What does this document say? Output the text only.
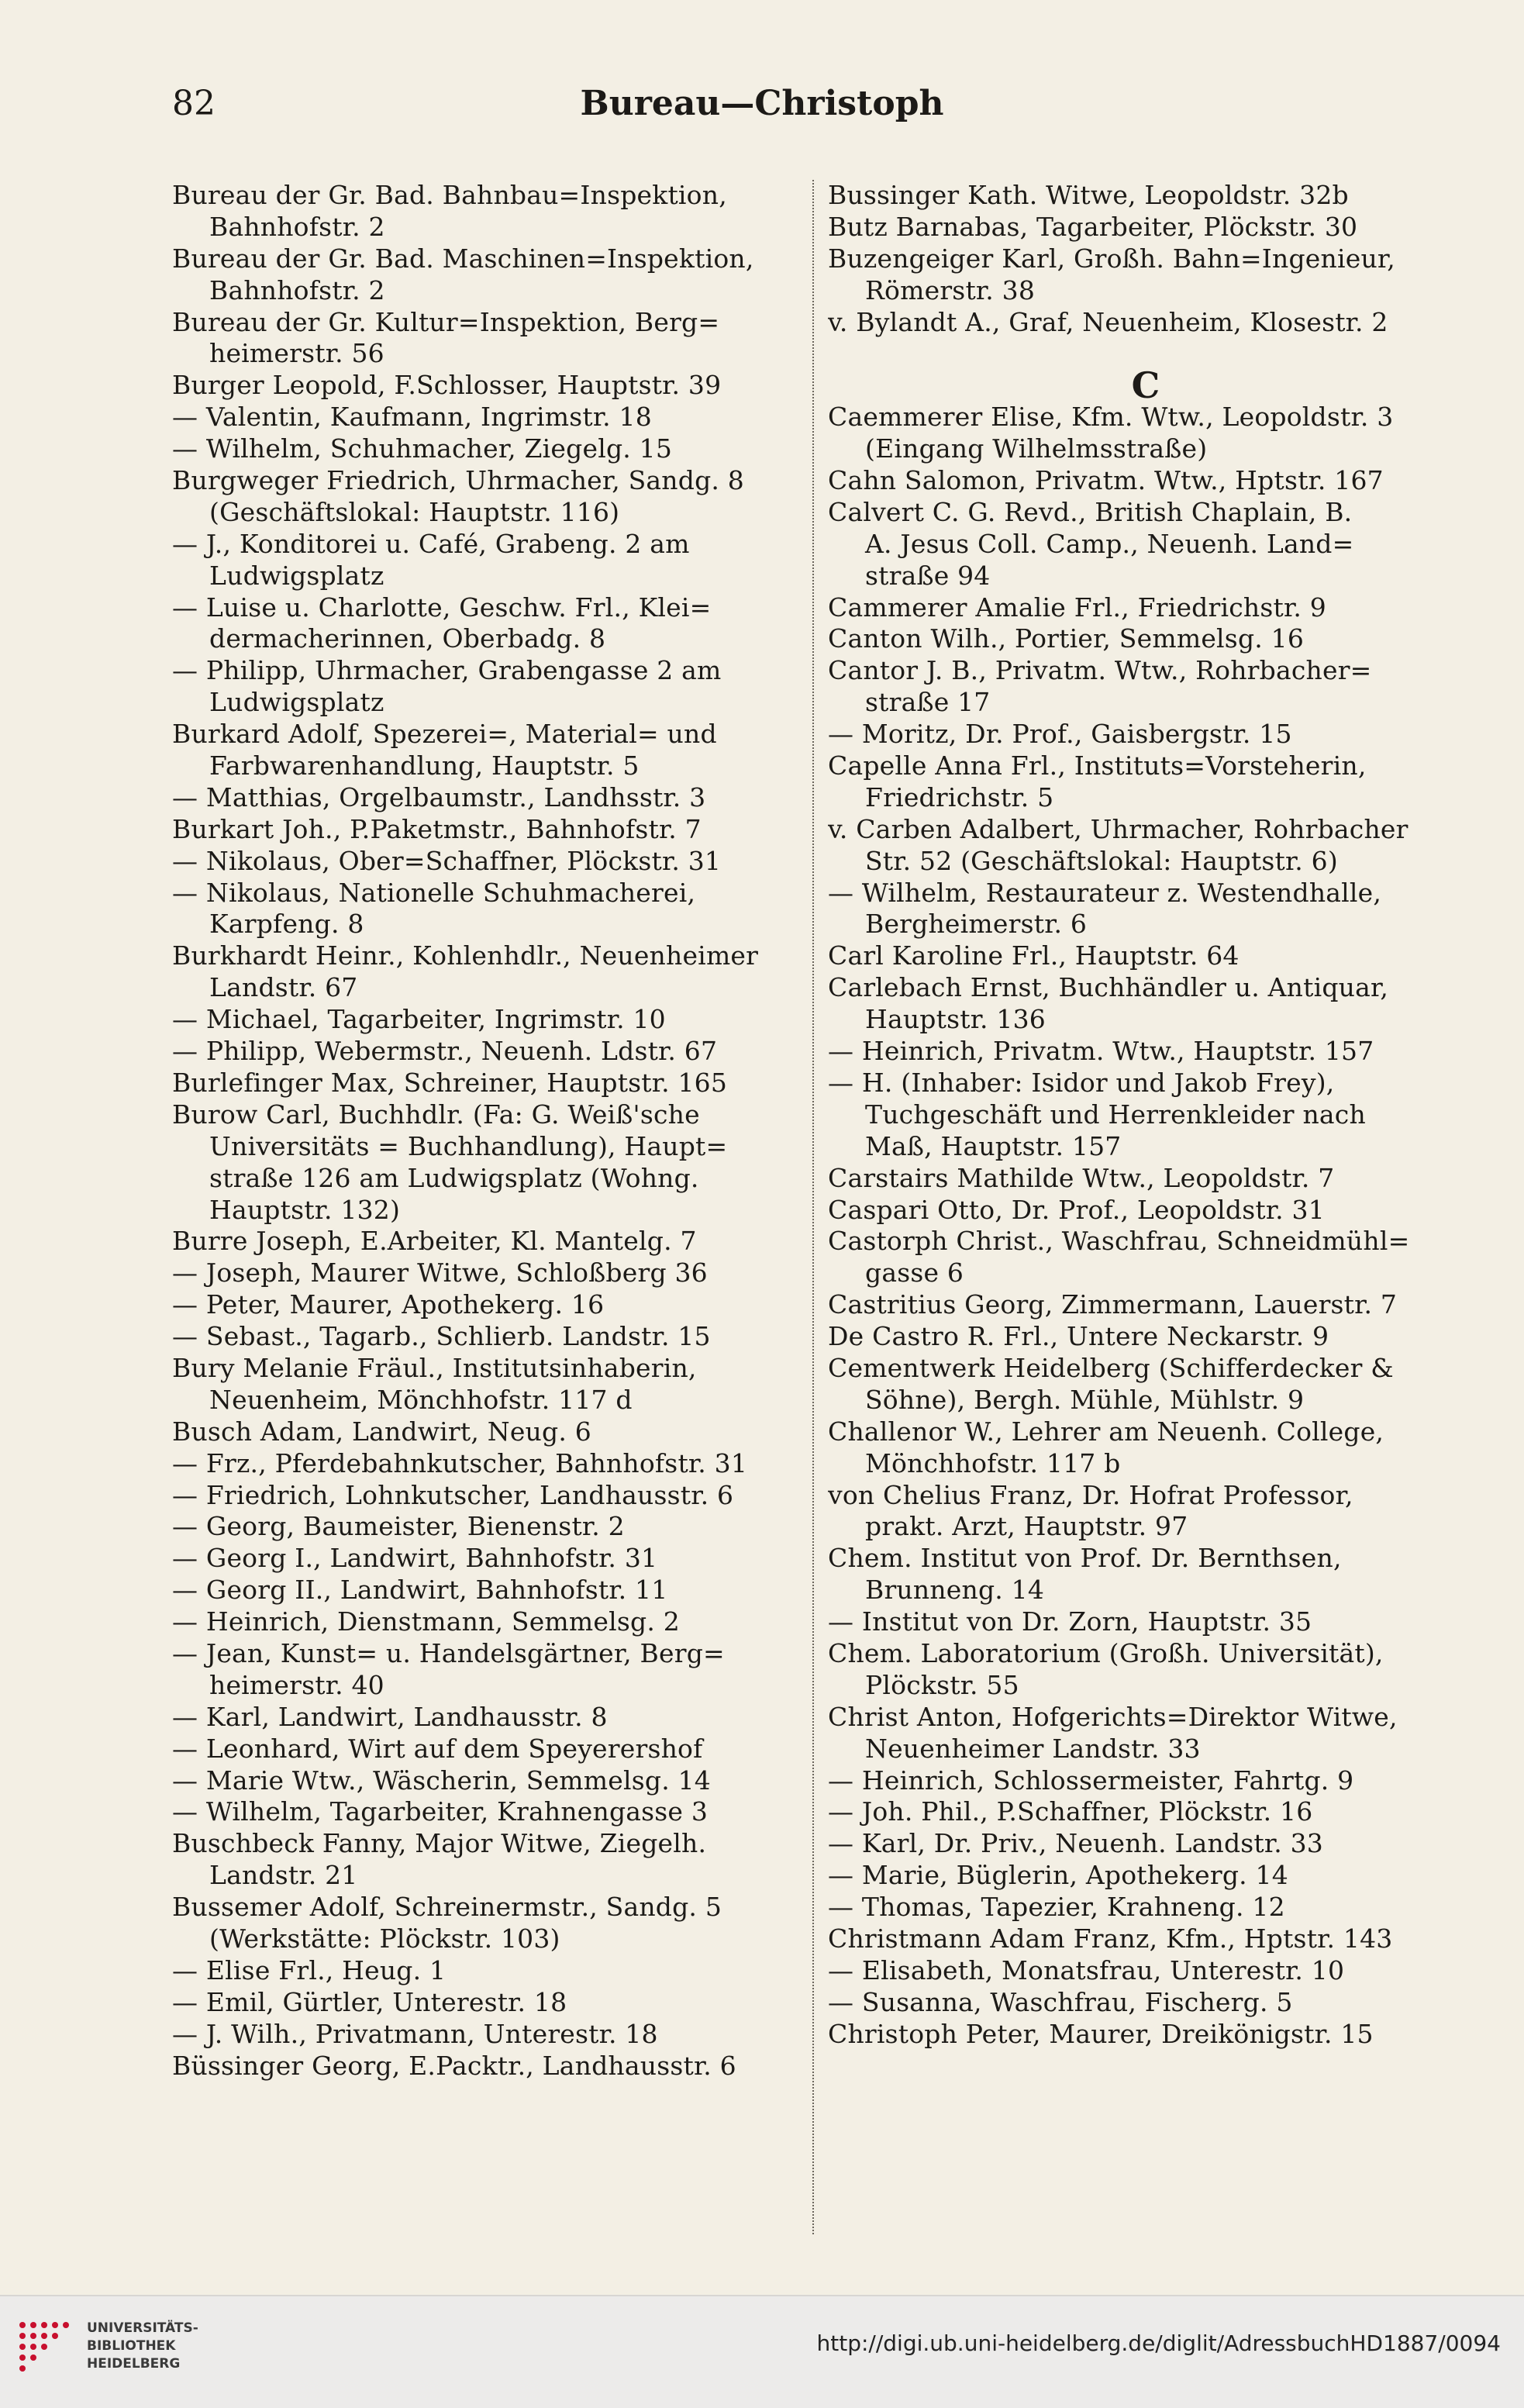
82	Bureau—Christoph
Bureau der Gr. Bad. Bahnbau=Inspektion,
Bahnhofstr. 2
Bureau der Gr. Bad. Maschinen=Inspektion,
Bahnhofstr. 2
Bureau der Gr. Kultur=Inspektion, Berg=
heimerstr. 56
Burger Leopold, F.Schlosser, Hauptstr. 39
— Valentin, Kaufmann, Ingrimstr. 18
— Wilhelm, Schuhmacher, Ziegelg. 15
Burgweger Friedrich, Uhrmacher, Sandg. 8
(Geschäftslokal: Hauptstr. 116)
— J., Konditorei u. Café, Grabeng. 2 am
Ludwigsplatz
— Luise u. Charlotte, Geschw. Frl., Klei=
dermacherinnen, Oberbadg. 8
— Philipp, Uhrmacher, Grabengasse 2 am
Ludwigsplatz
Burkard Adolf, Spezerei=, Material= und
Farbwarenhandlung, Hauptstr. 5
— Matthias, Orgelbaumstr., Landhsstr. 3
Burkart Joh., P.Paketmstr., Bahnhofstr. 7
— Nikolaus, Ober=Schaffner, Plöckstr. 31
— Nikolaus, Nationelle Schuhmacherei,
Karpfeng. 8
Burkhardt Heinr., Kohlenhdlr., Neuenheimer
Landstr. 67
— Michael, Tagarbeiter, Ingrimstr. 10
— Philipp, Webermstr., Neuenh. Ldstr. 67
Burlefinger Max, Schreiner, Hauptstr. 165
Burow Carl, Buchhdlr. (Fa: G. Weiß'sche
Universitäts = Buchhandlung), Haupt=
straße 126 am Ludwigsplatz (Wohng.
Hauptstr. 132)
Burre Joseph, E.Arbeiter, Kl. Mantelg. 7
— Joseph, Maurer Witwe, Schloßberg 36
— Peter, Maurer, Apothekerg. 16
— Sebast., Tagarb., Schlierb. Landstr. 15
Bury Melanie Fräul., Institutsinhaberin,
Neuenheim, Mönchhofstr. 117 d
Busch Adam, Landwirt, Neug. 6
— Frz., Pferdebahnkutscher, Bahnhofstr. 31
— Friedrich, Lohnkutscher, Landhausstr. 6
— Georg, Baumeister, Bienenstr. 2
— Georg I., Landwirt, Bahnhofstr. 31
— Georg II., Landwirt, Bahnhofstr. 11
— Heinrich, Dienstmann, Semmelsg. 2
— Jean, Kunst= u. Handelsgärtner, Berg=
heimerstr. 40
— Karl, Landwirt, Landhausstr. 8
— Leonhard, Wirt auf dem Speyerershof
— Marie Wtw., Wäscherin, Semmelsg. 14
— Wilhelm, Tagarbeiter, Krahnengasse 3
Buschbeck Fanny, Major Witwe, Ziegelh.
Landstr. 21
Bussemer Adolf, Schreinermstr., Sandg. 5
(Werkstätte: Plöckstr. 103)
— Elise Frl., Heug. 1
— Emil, Gürtler, Unterestr. 18
— J. Wilh., Privatmann, Unterestr. 18
Büssinger Georg, E.Packtr., Landhausstr. 6
Bussinger Kath. Witwe, Leopoldstr. 32b
Butz Barnabas, Tagarbeiter, Plöckstr. 30
Buzengeiger Karl, Großh. Bahn=Ingenieur,
Römerstr. 38
v. Bylandt A., Graf, Neuenheim, Klosestr. 2
C
Caemmerer Elise, Kfm. Wtw., Leopoldstr. 3
(Eingang Wilhelmsstraße)
Cahn Salomon, Privatm. Wtw., Hptstr. 167
Calvert C. G. Revd., British Chaplain, B.
A. Jesus Coll. Camp., Neuenh. Land=
straße 94
Cammerer Amalie Frl., Friedrichstr. 9
Canton Wilh., Portier, Semmelsg. 16
Cantor J. B., Privatm. Wtw., Rohrbacher=
straße 17
— Moritz, Dr. Prof., Gaisbergstr. 15
Capelle Anna Frl., Instituts=Vorsteherin,
Friedrichstr. 5
v. Carben Adalbert, Uhrmacher, Rohrbacher
Str. 52 (Geschäftslokal: Hauptstr. 6)
— Wilhelm, Restaurateur z. Westendhalle,
Bergheimerstr. 6
Carl Karoline Frl., Hauptstr. 64
Carlebach Ernst, Buchhändler u. Antiquar,
Hauptstr. 136
— Heinrich, Privatm. Wtw., Hauptstr. 157
— H. (Inhaber: Isidor und Jakob Frey),
Tuchgeschäft und Herrenkleider nach
Maß, Hauptstr. 157
Carstairs Mathilde Wtw., Leopoldstr. 7
Caspari Otto, Dr. Prof., Leopoldstr. 31
Castorph Christ., Waschfrau, Schneidmühl=
gasse 6
Castritius Georg, Zimmermann, Lauerstr. 7
De Castro R. Frl., Untere Neckarstr. 9
Cementwerk Heidelberg (Schifferdecker &
Söhne), Bergh. Mühle, Mühlstr. 9
Challenor W., Lehrer am Neuenh. College,
Mönchhofstr. 117 b
von Chelius Franz, Dr. Hofrat Professor,
prakt. Arzt, Hauptstr. 97
Chem. Institut von Prof. Dr. Bernthsen,
Brunneng. 14
— Institut von Dr. Zorn, Hauptstr. 35
Chem. Laboratorium (Großh. Universität),
Plöckstr. 55
Christ Anton, Hofgerichts=Direktor Witwe,
Neuenheimer Landstr. 33
— Heinrich, Schlossermeister, Fahrtg. 9
— Joh. Phil., P.Schaffner, Plöckstr. 16
— Karl, Dr. Priv., Neuenh. Landstr. 33
— Marie, Büglerin, Apothekerg. 14
— Thomas, Tapezier, Krahneng. 12
Christmann Adam Franz, Kfm., Hptstr. 143
— Elisabeth, Monatsfrau, Unterestr. 10
— Susanna, Waschfrau, Fischerg. 5
Christoph Peter, Maurer, Dreikönigstr. 15
UNIVERSITÄTS-
BIBLIOTHEK
HEIDELBERG
http://digi.ub.uni-heidelberg.de/diglit/AdressbuchHD1887/0094
